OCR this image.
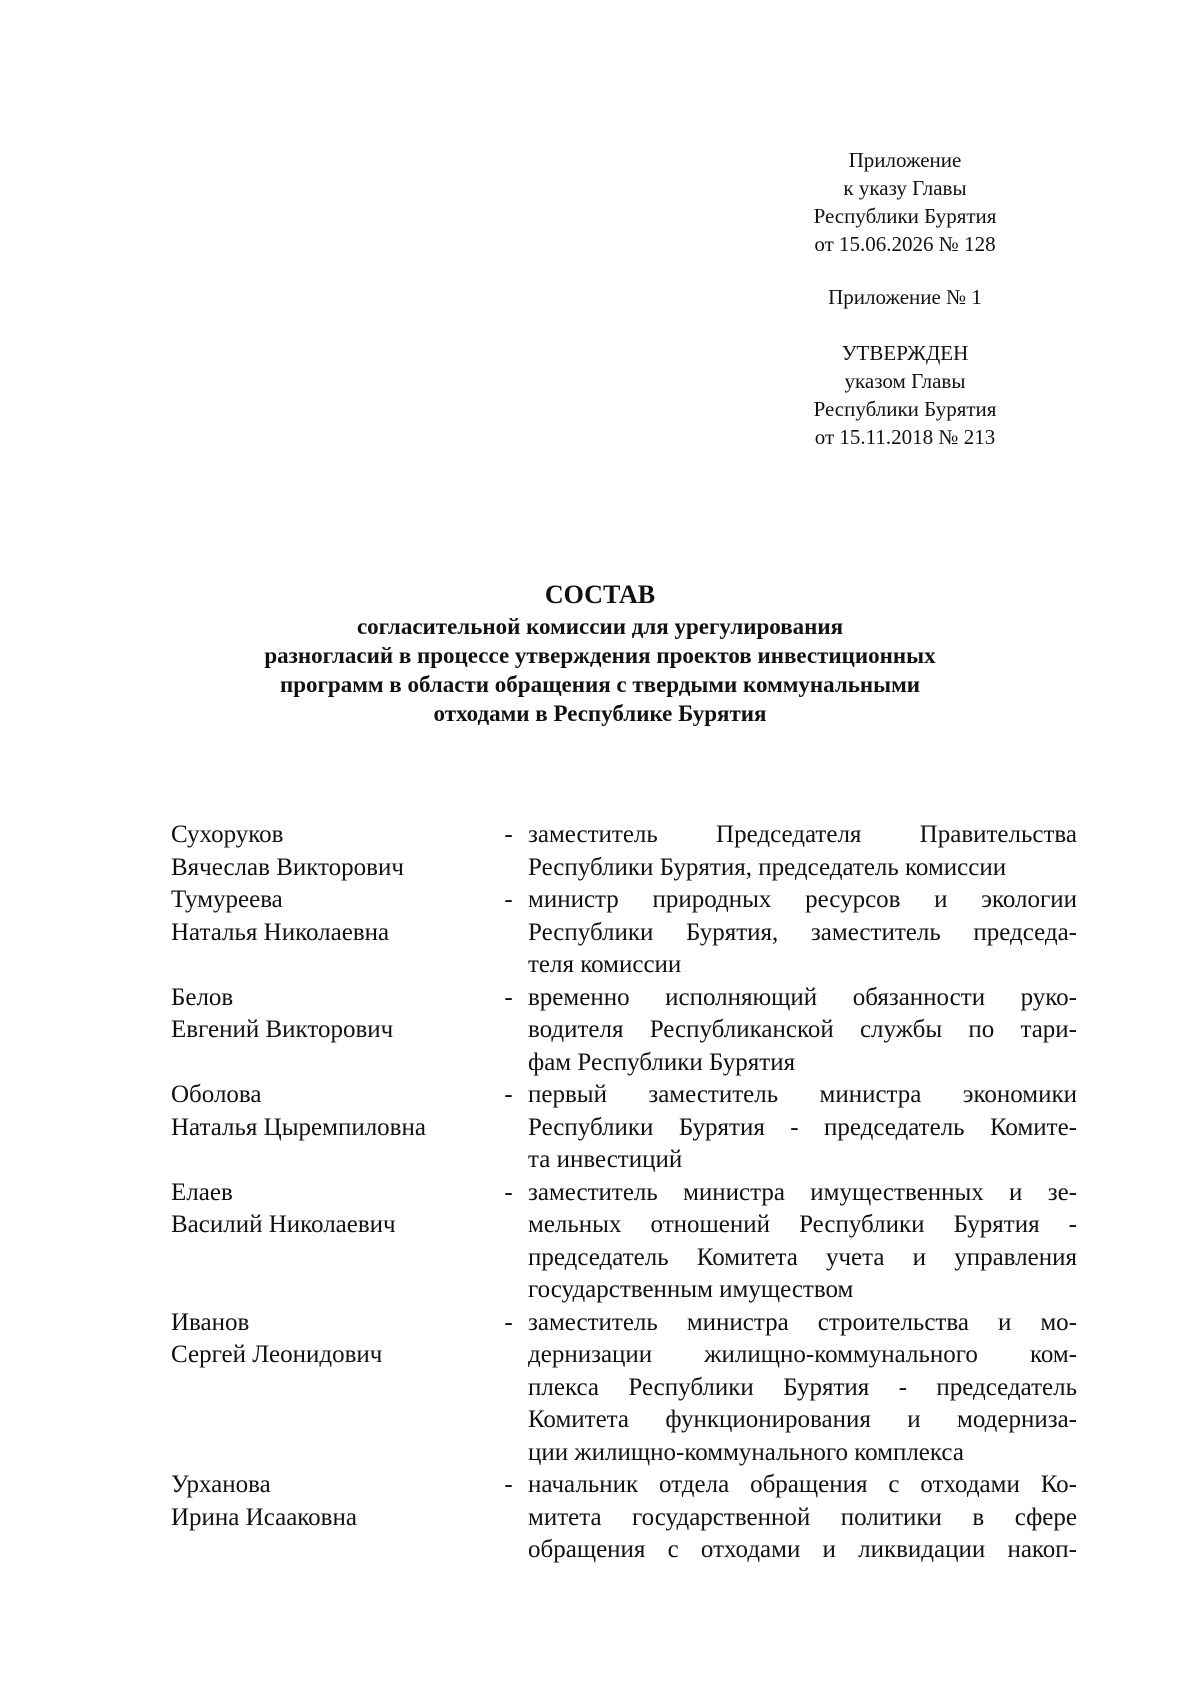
Приложение
к указу Главы
Республики Бурятия
от 15.06.2026 № 128
Приложение № 1
УТВЕРЖДЕН
указом Главы
Республики Бурятия
от 15.11.2018 № 213
СОСТАВ
согласительной комиссии для урегулирования
разногласий в процессе утверждения проектов инвестиционных
программ в области обращения с твердыми коммунальными
отходами в Республике Бурятия
Сухоруков
Вячеслав Викторович
- заместитель Председателя Правительства
Республики Бурятия, председатель комиссии
Тумуреева
Наталья Николаевна
- министр природных ресурсов и экологии
Республики Бурятия, заместитель председа-
теля комиссии
Белов
Евгений Викторович
- временно исполняющий обязанности руко-
водителя Республиканской службы по тари-
фам Республики Бурятия
Оболова
Наталья Цыремпиловна
- первый заместитель министра экономики
Республики Бурятия - председатель Комите-
та инвестиций
Елаев
Василий Николаевич
- заместитель министра имущественных и зе-
мельных отношений Республики Бурятия -
председатель Комитета учета и управления
государственным имуществом
Иванов
Сергей Леонидович
- заместитель министра строительства и мо-
дернизации жилищно-коммунального ком-
плекса Республики Бурятия - председатель
Комитета функционирования и модерниза-
ции жилищно-коммунального комплекса
Урханова
Ирина Исааковна
- начальник отдела обращения с отходами Ко-
митета государственной политики в сфере
обращения с отходами и ликвидации накоп-
